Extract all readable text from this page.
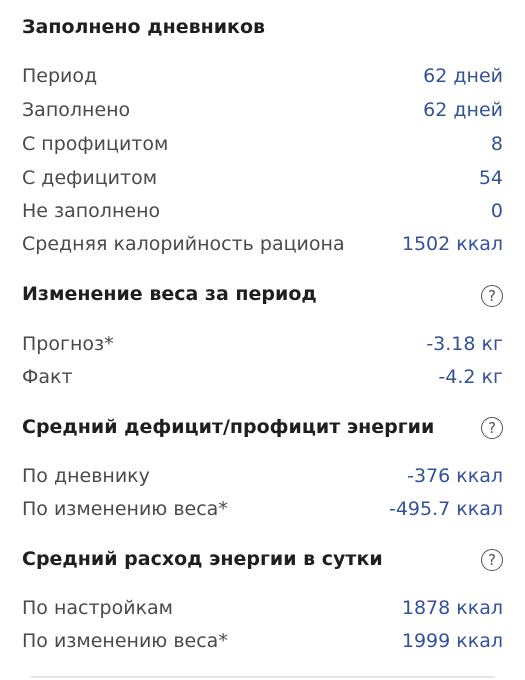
Заполнено дневников
Период	62 дней
Заполнено	62 дней
С профицитом	8
С дефицитом	54
Не заполнено	0
Средняя калорийность рациона	1502 ккал
Изменение веса за период	?
Прогноз*	-3.18 кг
Факт	-4.2 кг
Средний дефицит/профицит энергии	?
По дневнику	-376 ккал
По изменению веса*	-495.7 ккал
Средний расход энергии в сутки	?
По настройкам	1878 ккал
По изменению веса*	1999 ккал
